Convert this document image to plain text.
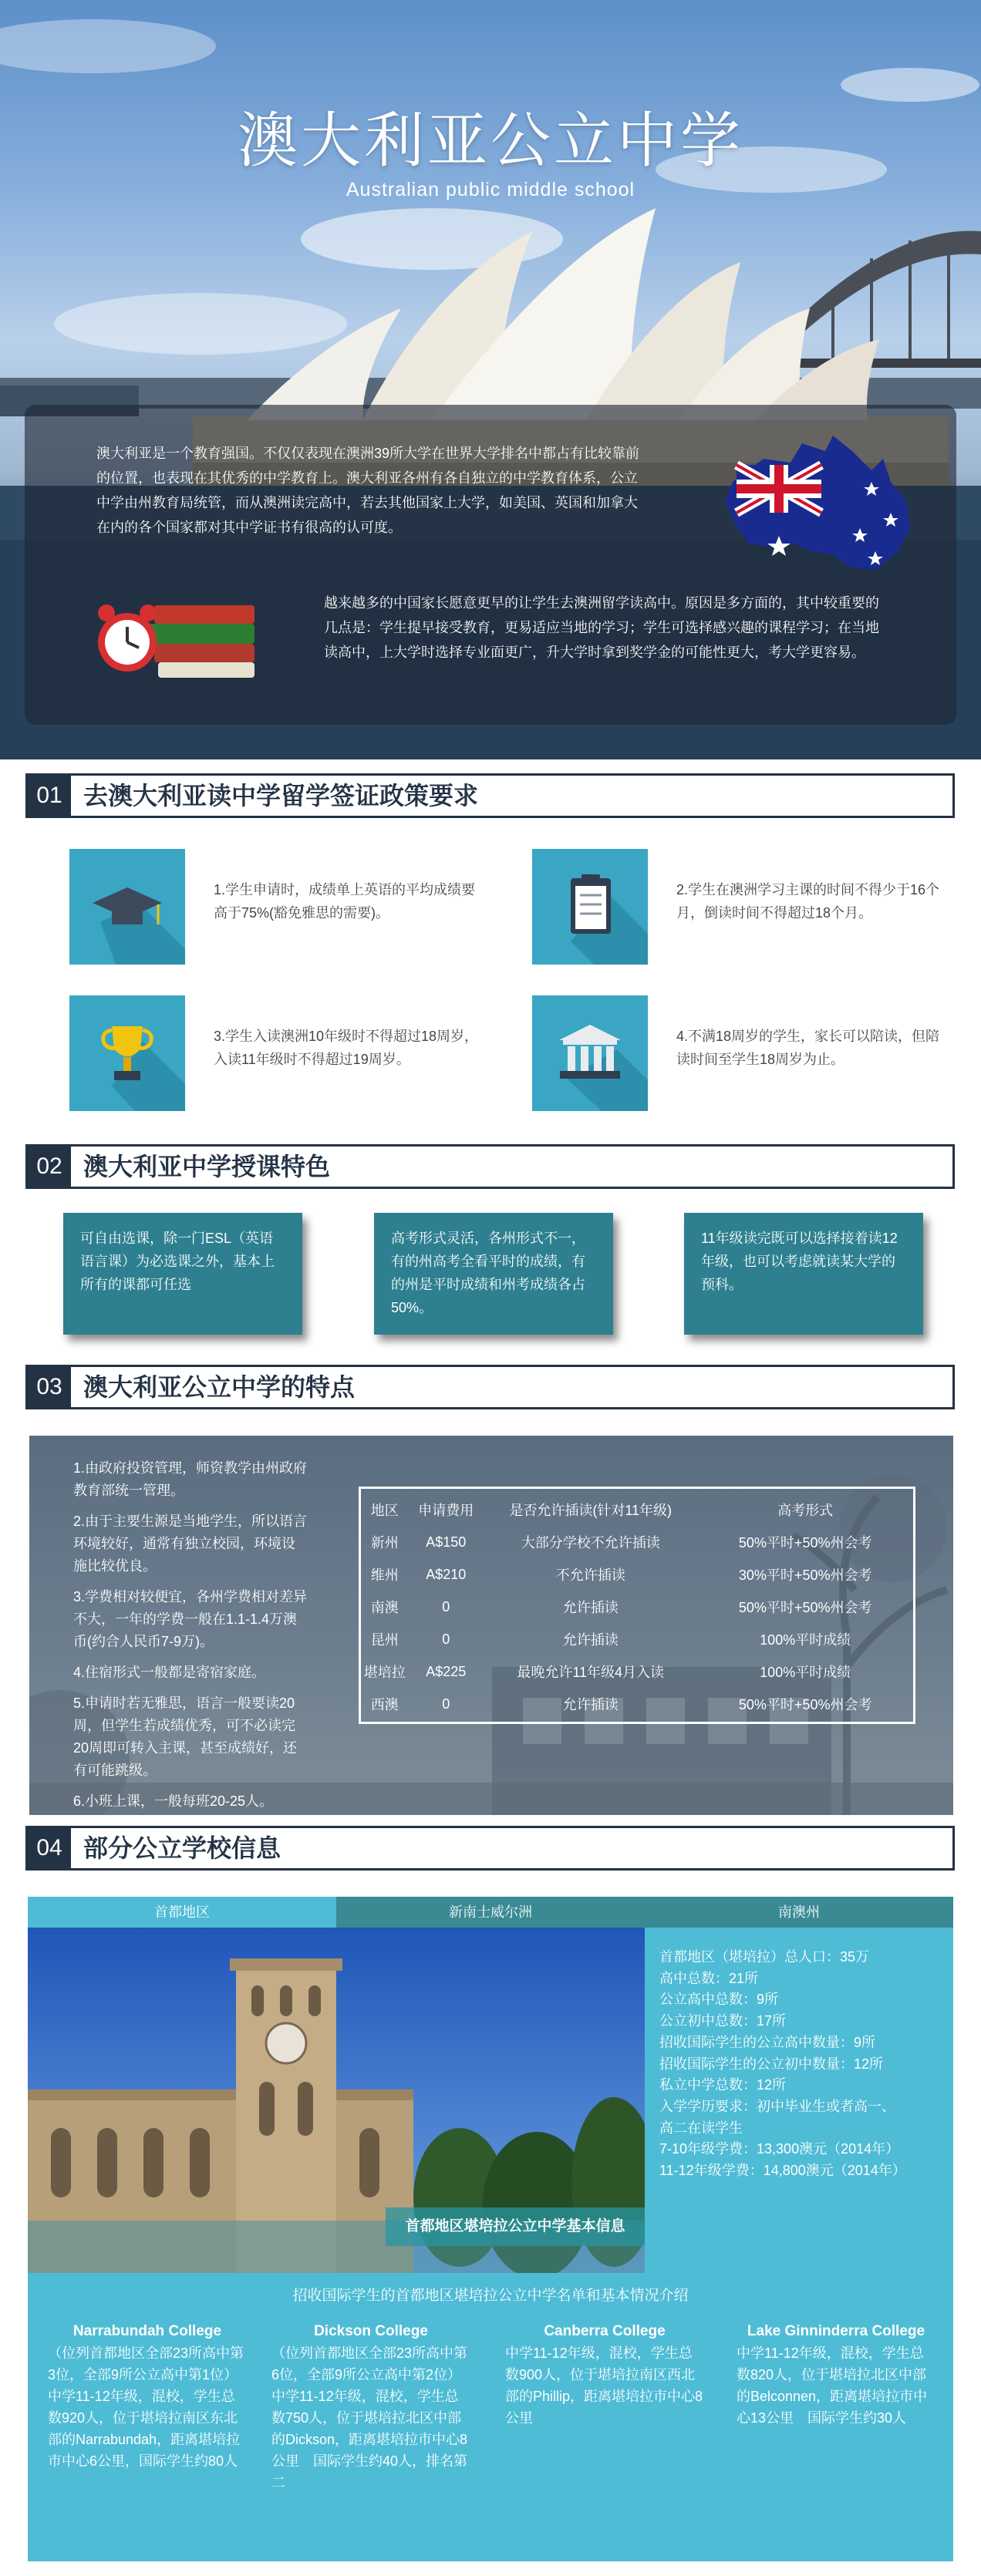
澳大利亚公立中学
Australian public middle school

澳大利亚是一个教育强国。不仅仅表现在澳洲39所大学在世界大学排名中都占有比较靠前的位置，也表现在其优秀的中学教育上。澳大利亚各州有各自独立的中学教育体系，公立中学由州教育局统管，而从澳洲读完高中，若去其他国家上大学，如美国、英国和加拿大在内的各个国家都对其中学证书有很高的认可度。

越来越多的中国家长愿意更早的让学生去澳洲留学读高中。原因是多方面的，其中较重要的几点是：学生提早接受教育，更易适应当地的学习；学生可选择感兴趣的课程学习；在当地读高中，上大学时选择专业面更广，升大学时拿到奖学金的可能性更大，考大学更容易。

01 去澳大利亚读中学留学签证政策要求

1.学生申请时，成绩单上英语的平均成绩要高于75%(豁免雅思的需要)。

2.学生在澳洲学习主课的时间不得少于16个月，倒读时间不得超过18个月。

3.学生入读澳洲10年级时不得超过18周岁，入读11年级时不得超过19周岁。

4.不满18周岁的学生，家长可以陪读，但陪读时间至学生18周岁为止。

02 澳大利亚中学授课特色
可自由选课，除一门ESL（英语语言课）为必选课之外，基本上所有的课都可任选
高考形式灵活，各州形式不一，有的州高考全看平时的成绩，有的州是平时成绩和州考成绩各占50%。
11年级读完既可以选择接着读12年级，也可以考虑就读某大学的预科。
03 澳大利亚公立中学的特点

1.由政府投资管理，师资教学由州政府教育部统一管理。

2.由于主要生源是当地学生，所以语言环境较好，通常有独立校园，环境设施比较优良。

3.学费相对较便宜，各州学费相对差异不大，一年的学费一般在1.1-1.4万澳币(约合人民币7-9万)。

4.住宿形式一般都是寄宿家庭。

5.申请时若无雅思，语言一般要读20周，但学生若成绩优秀，可不必读完20周即可转入主课，甚至成绩好，还有可能跳级。

6.小班上课，一般每班20-25人。

地区	申请费用	是否允许插读(针对11年级)	高考形式
新州	A$150	大部分学校不允许插读	50%平时+50%州会考
维州	A$210	不允许插读	30%平时+50%州会考
南澳	0	允许插读	50%平时+50%州会考
昆州	0	允许插读	100%平时成绩
堪培拉	A$225	最晚允许11年级4月入读	100%平时成绩
西澳	0	允许插读	50%平时+50%州会考
04 部分公立学校信息
首都地区	新南士威尔洲	南澳州
首都地区堪培拉公立中学基本信息

首都地区（堪培拉）总人口：35万

高中总数：21所

公立高中总数：9所

公立初中总数：17所

招收国际学生的公立高中数量：9所

招收国际学生的公立初中数量：12所

私立中学总数：12所

入学学历要求：初中毕业生或者高一、高二在读学生

7-10年级学费：13,300澳元（2014年）

11-12年级学费：14,800澳元（2014年）

招收国际学生的首都地区堪培拉公立中学名单和基本情况介绍
Narrabundah College

（位列首都地区全部23所高中第3位，全部9所公立高中第1位）中学11-12年级，混校，学生总数920人，位于堪培拉南区东北部的Narrabundah，距离堪培拉市中心6公里，国际学生约80人

Dickson College

（位列首都地区全部23所高中第6位，全部9所公立高中第2位）中学11-12年级，混校，学生总数750人，位于堪培拉北区中部的Dickson，距离堪培拉市中心8公里　国际学生约40人，排名第二

Canberra College

中学11-12年级，混校，学生总数900人，位于堪培拉南区西北部的Phillip，距离堪培拉市中心8公里

Lake Ginninderra College

中学11-12年级，混校，学生总数820人，位于堪培拉北区中部的Belconnen，距离堪培拉市中心13公里　国际学生约30人
